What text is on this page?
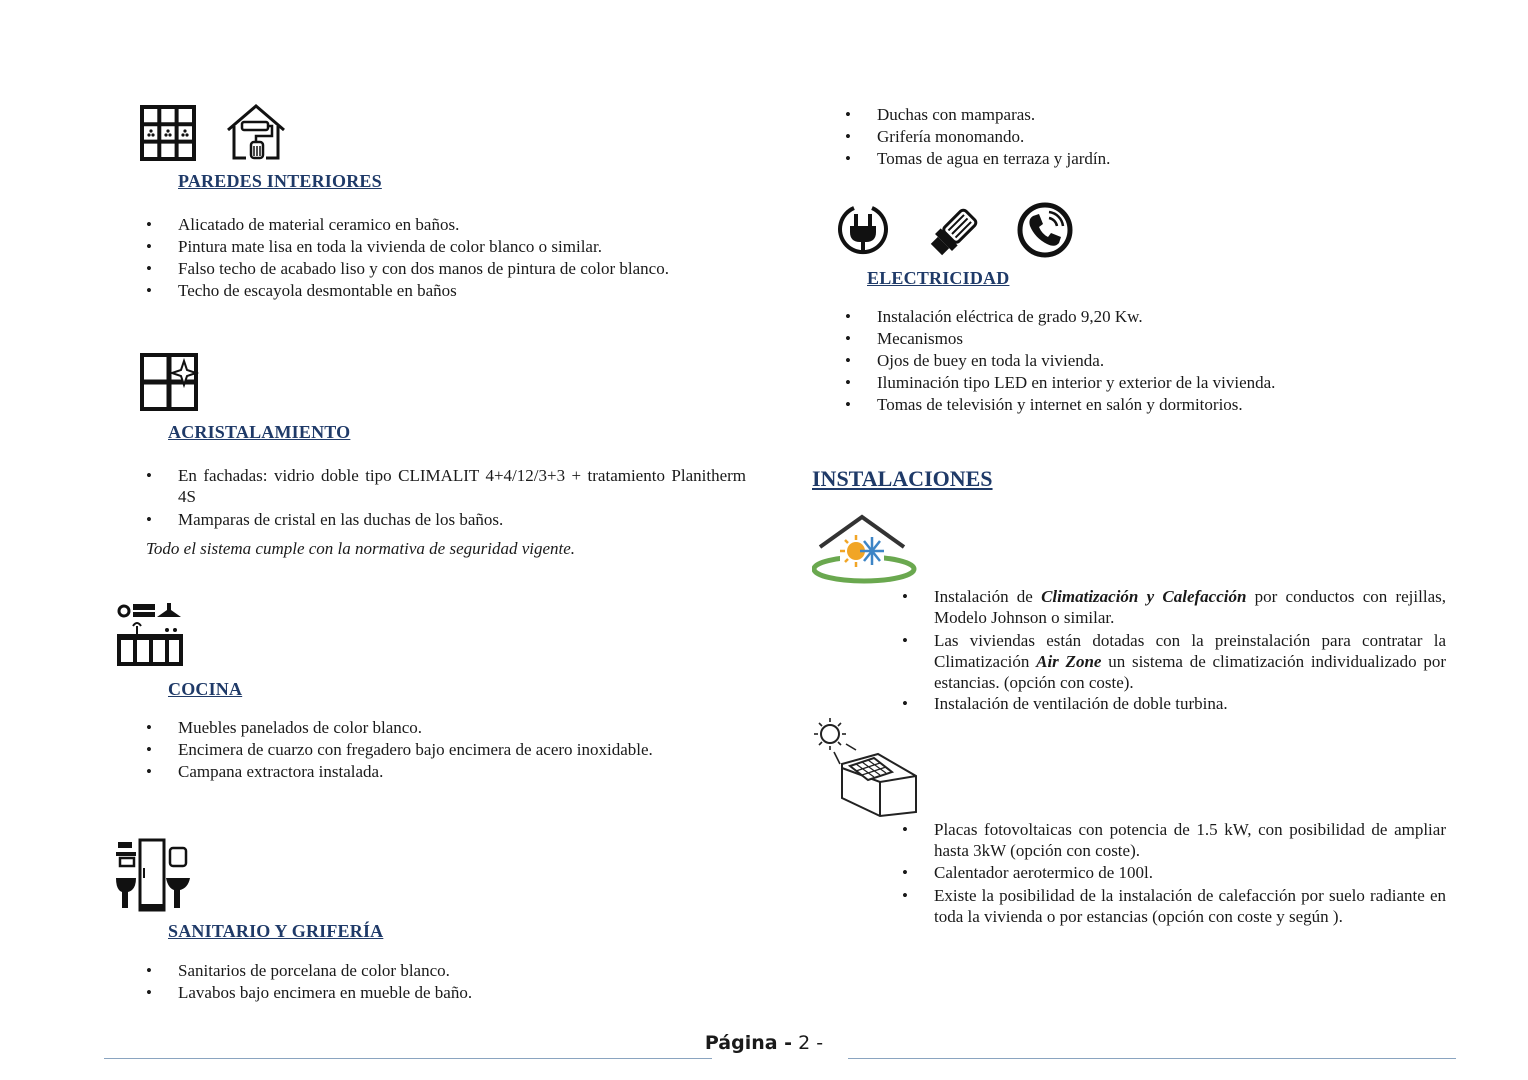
PAREDES INTERIORES
• Alicatado de material ceramico en baños.
• Pintura mate lisa en toda la vivienda de color blanco o similar.
• Falso techo de acabado liso y con dos manos de pintura de color blanco.
• Techo de escayola desmontable en baños
ACRISTALAMIENTO
• En fachadas: vidrio doble tipo CLIMALIT 4+4/12/3+3 + tratamiento Planitherm 4S
• Mamparas de cristal en las duchas de los baños.
Todo el sistema cumple con la normativa de seguridad vigente.
COCINA
• Muebles panelados de color blanco.
• Encimera de cuarzo con fregadero bajo encimera de acero inoxidable.
• Campana extractora instalada.
SANITARIO Y GRIFERÍA
• Sanitarios de porcelana de color blanco.
• Lavabos bajo encimera en mueble de baño.
• Duchas con mamparas.
• Grifería monomando.
• Tomas de agua en terraza y jardín.
ELECTRICIDAD
• Instalación eléctrica de grado 9,20 Kw.
• Mecanismos
• Ojos de buey en toda la vivienda.
• Iluminación tipo LED en interior y exterior de la vivienda.
• Tomas de televisión y internet en salón y dormitorios.
INSTALACIONES
• Instalación de Climatización y Calefacción por conductos con rejillas, Modelo Johnson o similar.
• Las viviendas están dotadas con la preinstalación para contratar la Climatización Air Zone un sistema de climatización individualizado por estancias. (opción con coste).
• Instalación de ventilación de doble turbina.
• Placas fotovoltaicas con potencia de 1.5 kW, con posibilidad de ampliar hasta 3kW (opción con coste).
• Calentador aerotermico de 100l.
• Existe la posibilidad de la instalación de calefacción por suelo radiante en toda la vivienda o por estancias (opción con coste y según ).
Página - 2 -
